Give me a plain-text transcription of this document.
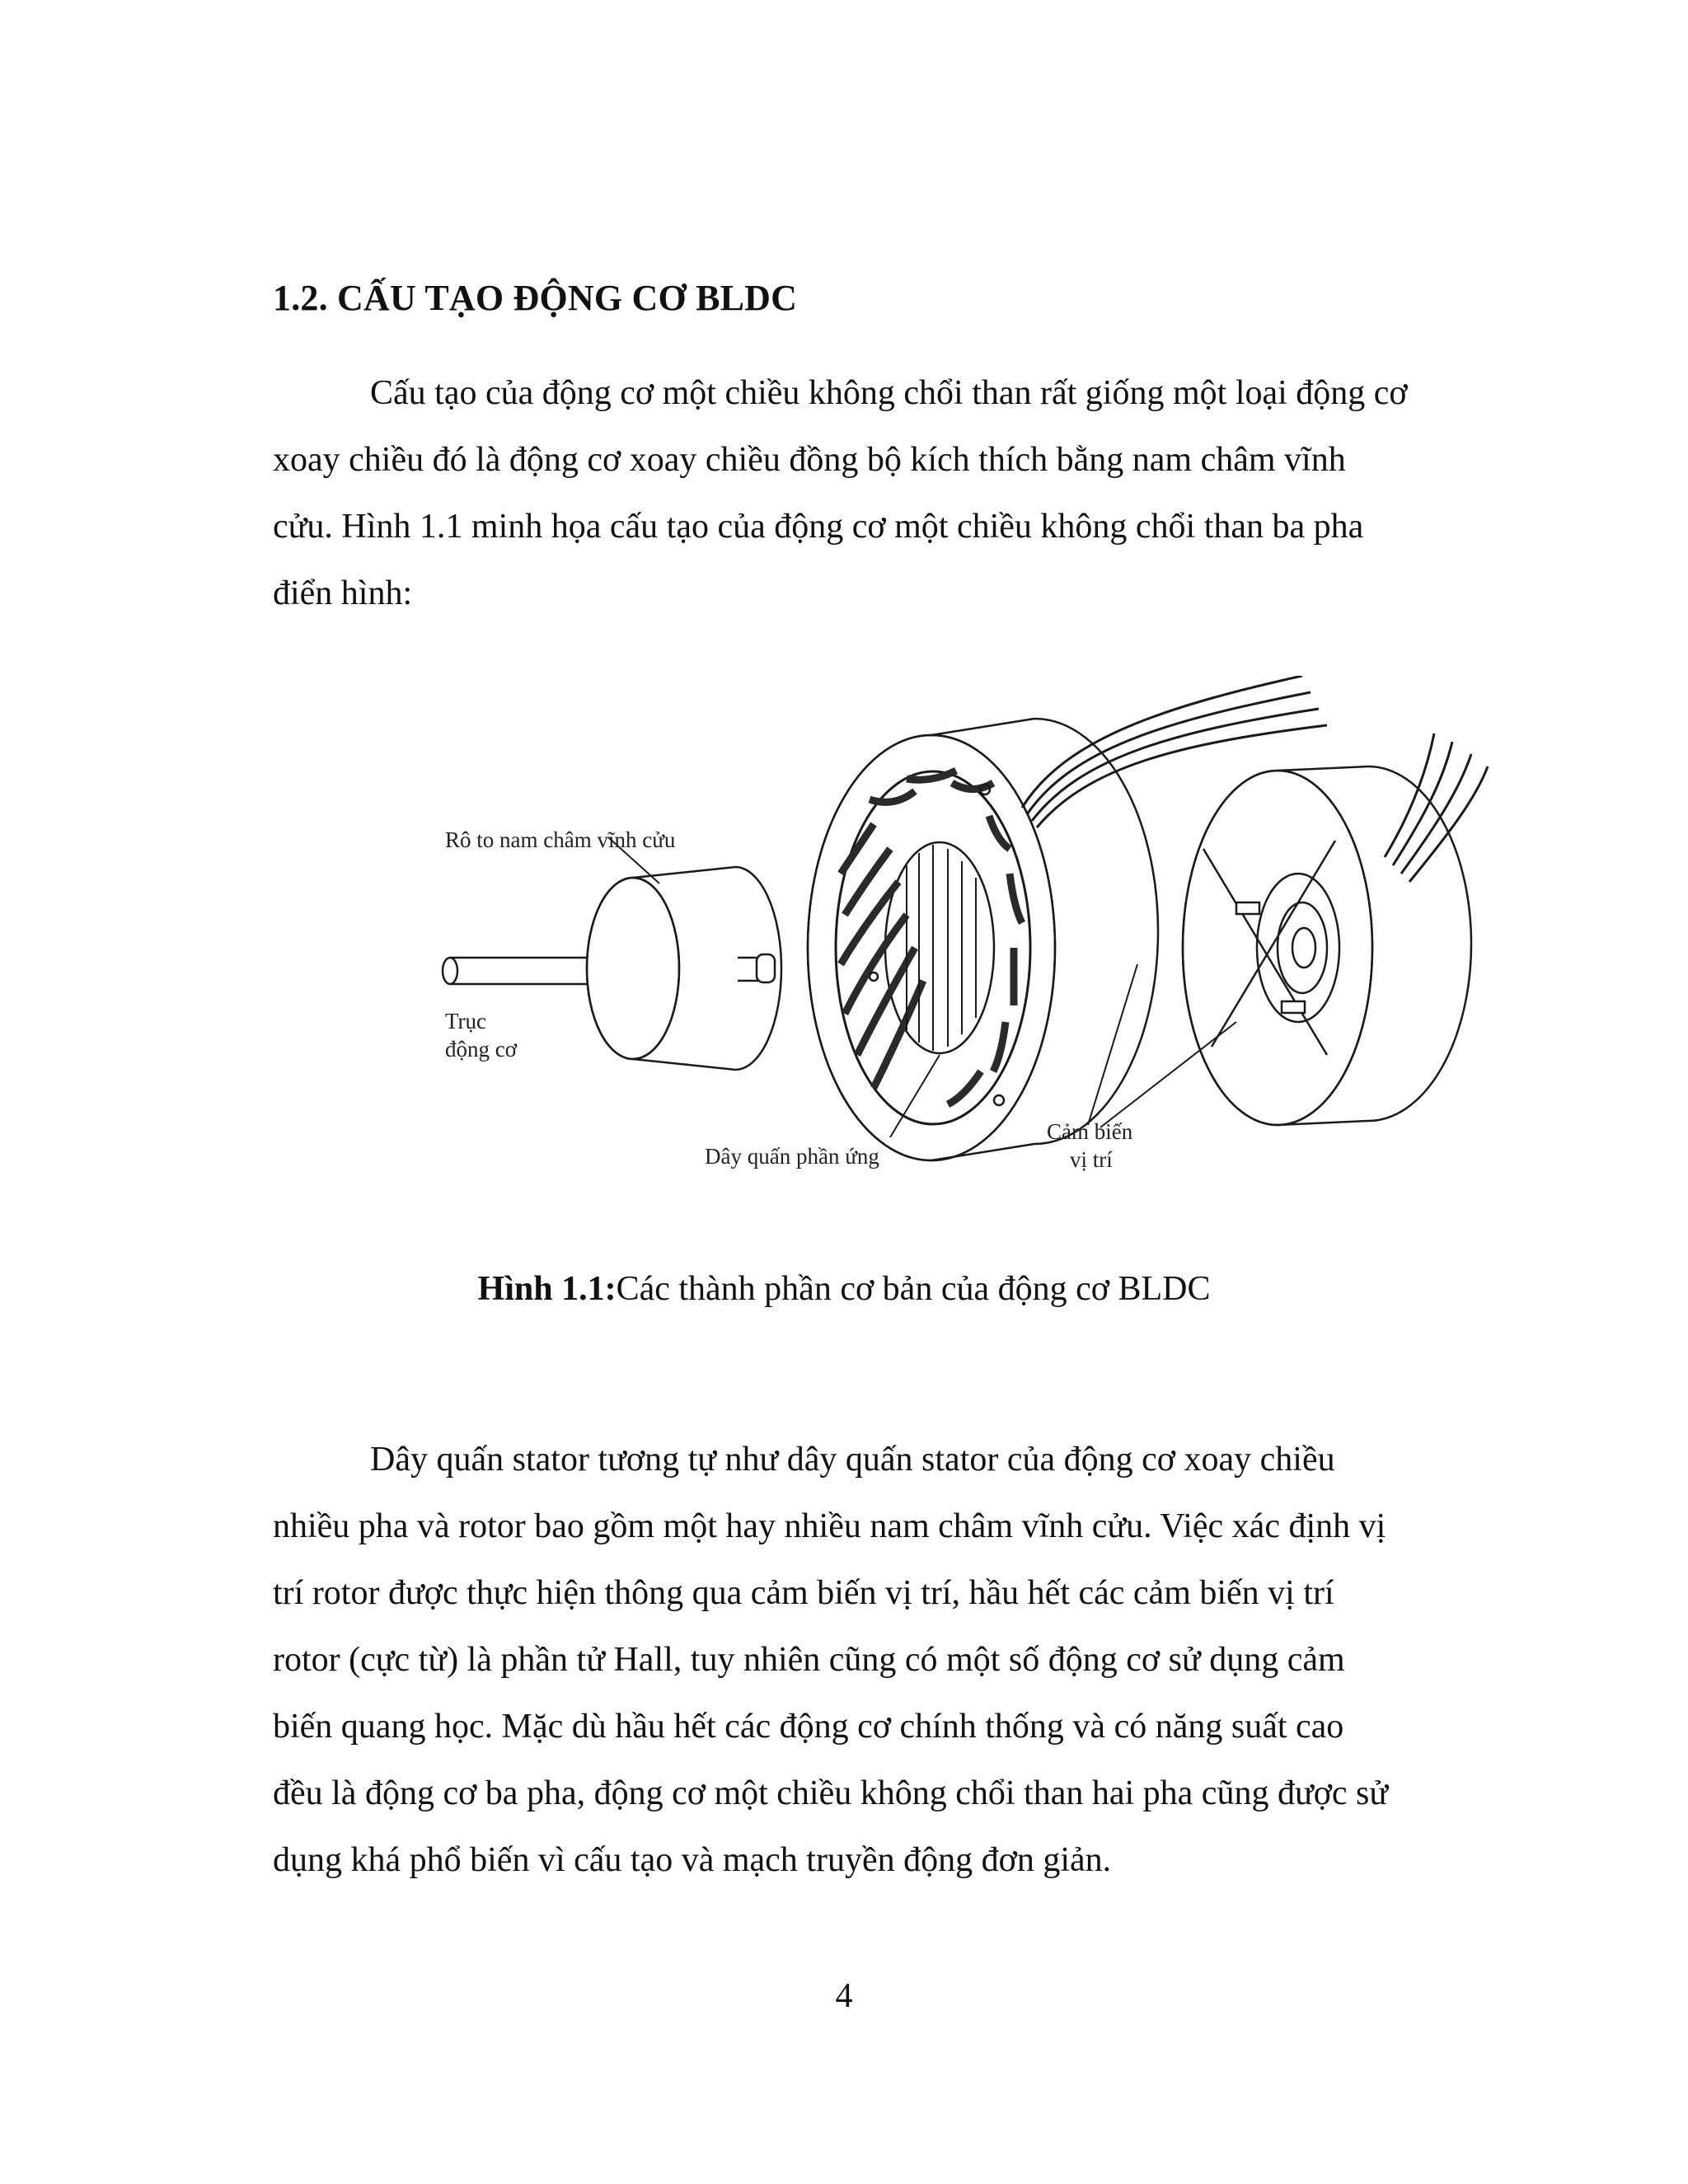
1.2. CẤU TẠO ĐỘNG CƠ BLDC

Cấu tạo của động cơ một chiều không chổi than rất giống một loại động cơ
xoay chiều đó là động cơ xoay chiều đồng bộ kích thích bằng nam châm vĩnh
cửu. Hình 1.1 minh họa cấu tạo của động cơ một chiều không chổi than ba pha
điển hình:

Rô to nam châm vĩnh cửu
Trục
động cơ
Dây quấn phần ứng
Cảm biến
vị trí

Hình 1.1:Các thành phần cơ bản của động cơ BLDC

Dây quấn stator tương tự như dây quấn stator của động cơ xoay chiều
nhiều pha và rotor bao gồm một hay nhiều nam châm vĩnh cửu. Việc xác định vị
trí rotor được thực hiện thông qua cảm biến vị trí, hầu hết các cảm biến vị trí
rotor (cực từ) là phần tử Hall, tuy nhiên cũng có một số động cơ sử dụng cảm
biến quang học. Mặc dù hầu hết các động cơ chính thống và có năng suất cao
đều là động cơ ba pha, động cơ một chiều không chổi than hai pha cũng được sử
dụng khá phổ biến vì cấu tạo và mạch truyền động đơn giản.

4
